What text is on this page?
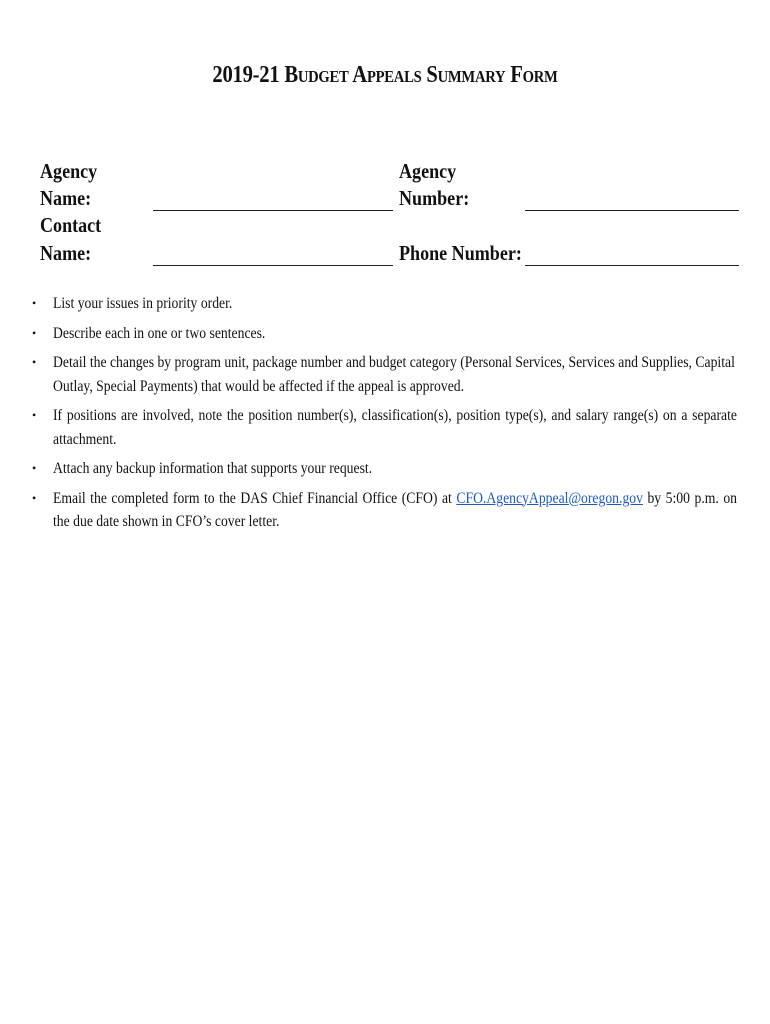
2019-21 Budget Appeals Summary Form
Agency
Name:
Agency
Number:
Contact
Name:	Phone Number:
• List your issues in priority order.
• Describe each in one or two sentences.
• Detail the changes by program unit, package number and budget category (Personal Services, Services and Supplies, Capital Outlay, Special Payments) that would be affected if the appeal is approved.
• If positions are involved, note the position number(s), classification(s), position type(s), and salary range(s) on a separate attachment.
• Attach any backup information that supports your request.
• Email the completed form to the DAS Chief Financial Office (CFO) at CFO.AgencyAppeal@oregon.gov by 5:00 p.m. on the due date shown in CFO’s cover letter.
